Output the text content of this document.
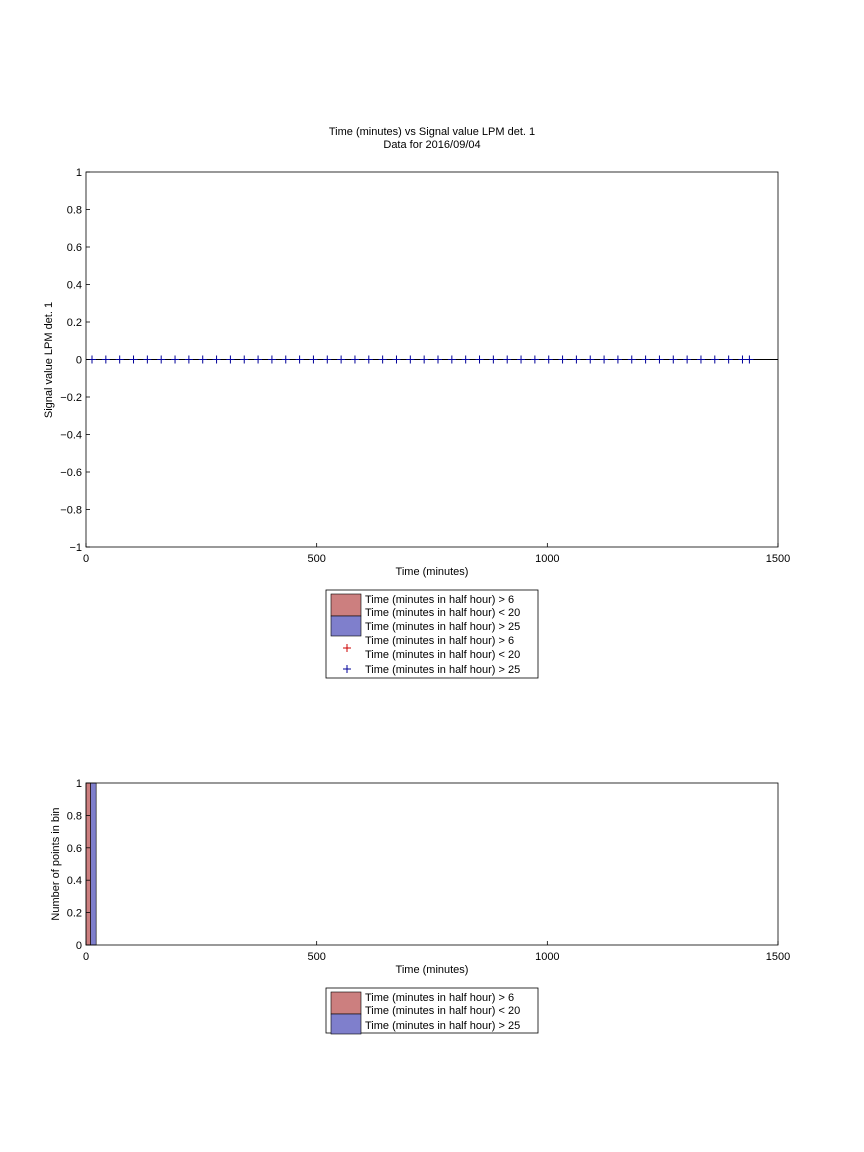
Time (minutes) vs Signal value LPM det. 1
Data for 2016/09/04
1
0.8
0.6
0.4
0.2
0
−0.2
−0.4
−0.6
−0.8
−1
0	500	1000	1500
Time (minutes)
Signal value LPM det. 1
Time (minutes in half hour) > 6
Time (minutes in half hour) < 20
Time (minutes in half hour) > 25
Time (minutes in half hour) > 6
Time (minutes in half hour) < 20
Time (minutes in half hour) > 25
1
0.8
0.6
0.4
0.2
0
0	500	1000	1500
Time (minutes)
Number of points in bin
Time (minutes in half hour) > 6
Time (minutes in half hour) < 20
Time (minutes in half hour) > 25
